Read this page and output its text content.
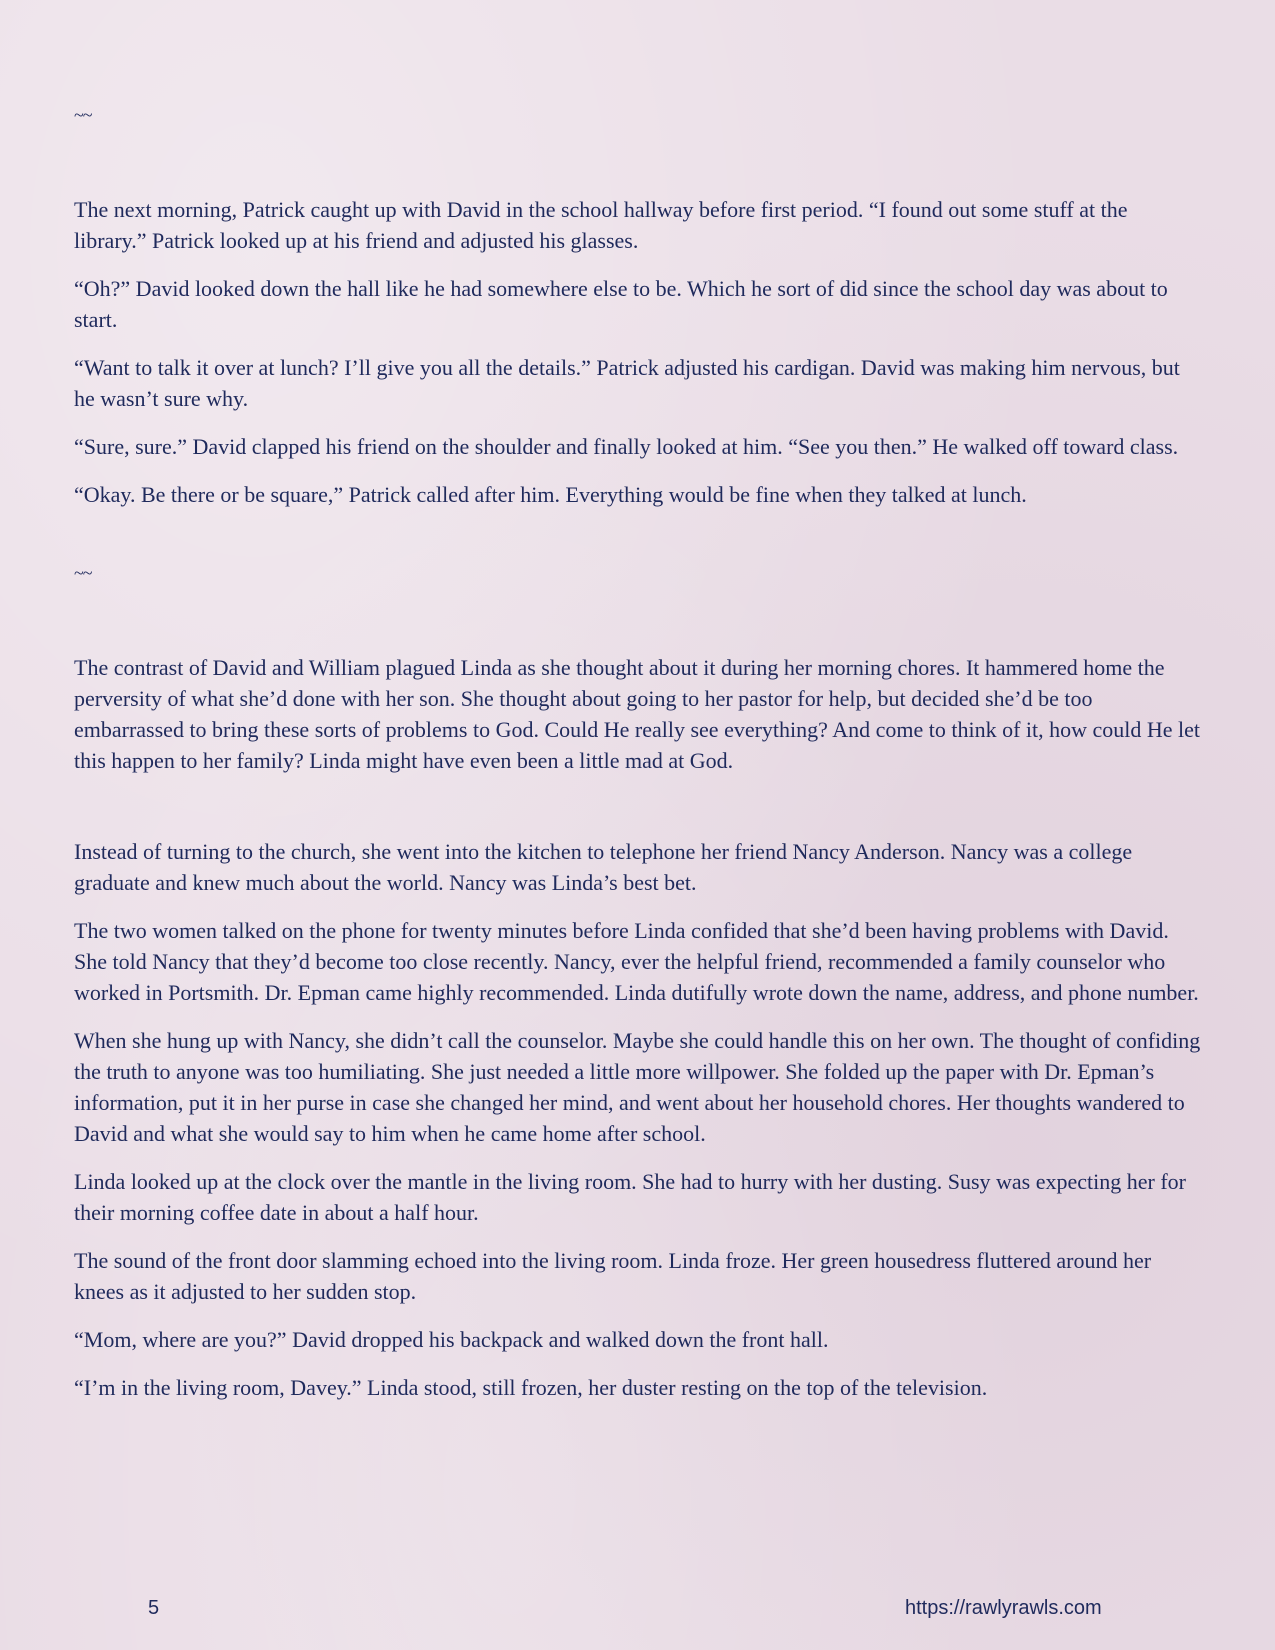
~~

The next morning, Patrick caught up with David in the school hallway before first period. “I found out some stuff at the library.” Patrick looked up at his friend and adjusted his glasses.

“Oh?” David looked down the hall like he had somewhere else to be. Which he sort of did since the school day was about to start.

“Want to talk it over at lunch? I’ll give you all the details.” Patrick adjusted his cardigan. David was making him nervous, but he wasn’t sure why.

“Sure, sure.” David clapped his friend on the shoulder and finally looked at him. “See you then.” He walked off toward class.

“Okay. Be there or be square,” Patrick called after him. Everything would be fine when they talked at lunch.

~~

The contrast of David and William plagued Linda as she thought about it during her morning chores. It hammered home the perversity of what she’d done with her son. She thought about going to her pastor for help, but decided she’d be too embarrassed to bring these sorts of problems to God. Could He really see everything? And come to think of it, how could He let this happen to her family? Linda might have even been a little mad at God.

Instead of turning to the church, she went into the kitchen to telephone her friend Nancy Anderson. Nancy was a college graduate and knew much about the world. Nancy was Linda’s best bet.

The two women talked on the phone for twenty minutes before Linda confided that she’d been having problems with David. She told Nancy that they’d become too close recently. Nancy, ever the helpful friend, recommended a family counselor who worked in Portsmith. Dr. Epman came highly recommended. Linda dutifully wrote down the name, address, and phone number.

When she hung up with Nancy, she didn’t call the counselor. Maybe she could handle this on her own. The thought of confiding the truth to anyone was too humiliating. She just needed a little more willpower. She folded up the paper with Dr. Epman’s information, put it in her purse in case she changed her mind, and went about her household chores. Her thoughts wandered to David and what she would say to him when he came home after school.

Linda looked up at the clock over the mantle in the living room. She had to hurry with her dusting. Susy was expecting her for their morning coffee date in about a half hour.

The sound of the front door slamming echoed into the living room. Linda froze. Her green housedress fluttered around her knees as it adjusted to her sudden stop.

“Mom, where are you?” David dropped his backpack and walked down the front hall.

“I’m in the living room, Davey.” Linda stood, still frozen, her duster resting on the top of the television.

5	https://rawlyrawls.com
